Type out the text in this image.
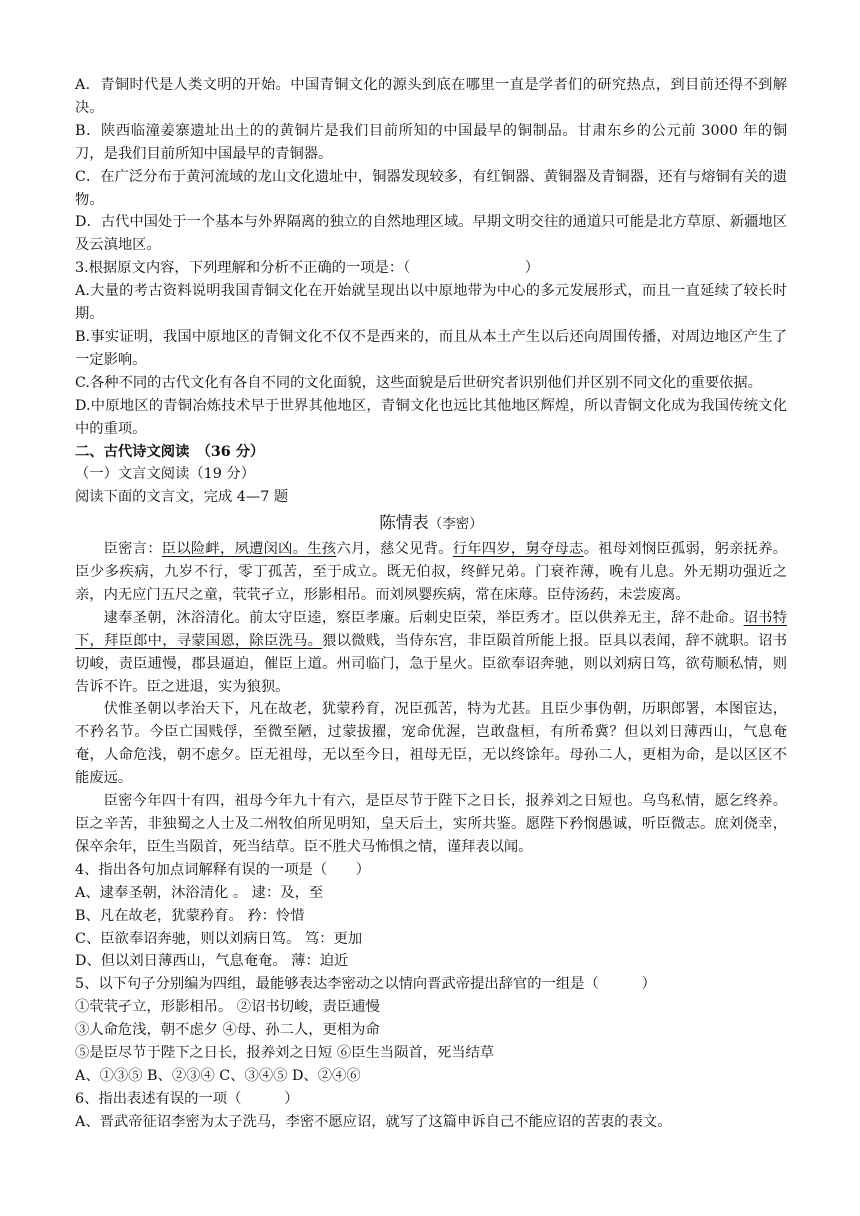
A．青铜时代是人类文明的开始。中国青铜文化的源头到底在哪里一直是学者们的研究热点，到目前还得不到解决。

B．陕西临潼姜寨遗址出土的的黄铜片是我们目前所知的中国最早的铜制品。甘肃东乡的公元前 3000 年的铜刀，是我们目前所知中国最早的青铜器。

C．在广泛分布于黄河流域的龙山文化遗址中，铜器发现较多，有红铜器、黄铜器及青铜器，还有与熔铜有关的遗物。

D．古代中国处于一个基本与外界隔离的独立的自然地理区域。早期文明交往的通道只可能是北方草原、新疆地区及云滇地区。

3.根据原文内容，下列理解和分析不正确的一项是：（　　　　　　　　）

A.大量的考古资料说明我国青铜文化在开始就呈现出以中原地带为中心的多元发展形式，而且一直延续了较长时期。

B.事实证明，我国中原地区的青铜文化不仅不是西来的，而且从本土产生以后还向周围传播，对周边地区产生了一定影响。

C.各种不同的古代文化有各自不同的文化面貌，这些面貌是后世研究者识别他们并区别不同文化的重要依据。

D.中原地区的青铜冶炼技术早于世界其他地区，青铜文化也远比其他地区辉煌，所以青铜文化成为我国传统文化中的重项。

二、古代诗文阅读　（36 分）

（一）文言文阅读（19 分）

阅读下面的文言文，完成 4—7 题

陈情表（李密）

臣密言：臣以险衅，夙遭闵凶。生孩六月，慈父见背。行年四岁，舅夺母志。祖母刘悯臣孤弱，躬亲抚养。臣少多疾病，九岁不行，零丁孤苦，至于成立。既无伯叔，终鲜兄弟。门衰祚薄，晚有儿息。外无期功强近之亲，内无应门五尺之童，茕茕孑立，形影相吊。而刘夙婴疾病，常在床蓐。臣侍汤药，未尝废离。

逮奉圣朝，沐浴清化。前太守臣逵，察臣孝廉。后刺史臣荣，举臣秀才。臣以供养无主，辞不赴命。诏书特下，拜臣郎中，寻蒙国恩，除臣洗马。猥以微贱，当侍东宫，非臣陨首所能上报。臣具以表闻，辞不就职。诏书切峻，责臣逋慢，郡县逼迫，催臣上道。州司临门，急于星火。臣欲奉诏奔驰，则以刘病日笃，欲苟顺私情，则告诉不许。臣之进退，实为狼狈。

伏惟圣朝以孝治天下，凡在故老，犹蒙矜育，况臣孤苦，特为尤甚。且臣少事伪朝，历职郎署，本图宦达，不矜名节。今臣亡国贱俘，至微至陋，过蒙拔擢，宠命优渥，岂敢盘桓，有所希冀？但以刘日薄西山，气息奄奄，人命危浅，朝不虑夕。臣无祖母，无以至今日，祖母无臣，无以终馀年。母孙二人，更相为命，是以区区不能废远。

臣密今年四十有四，祖母今年九十有六，是臣尽节于陛下之日长，报养刘之日短也。乌鸟私情，愿乞终养。臣之辛苦，非独蜀之人士及二州牧伯所见明知，皇天后土，实所共鉴。愿陛下矜悯愚诚，听臣微志。庶刘侥幸，保卒余年，臣生当陨首，死当结草。臣不胜犬马怖惧之情，谨拜表以闻。

4、指出各句加点词解释有误的一项是（　　）

A、逮奉圣朝，沐浴清化 。 逮：及，至

B、凡在故老，犹蒙矜育。 矜：怜惜

C、臣欲奉诏奔驰，则以刘病日笃。 笃：更加

D、但以刘日薄西山，气息奄奄。 薄：迫近

5、以下句子分别编为四组，最能够表达李密动之以情向晋武帝提出辞官的一组是（　　　）

①茕茕孑立，形影相吊。 ②诏书切峻，责臣逋慢

③人命危浅，朝不虑夕 ④母、孙二人，更相为命

⑤是臣尽节于陛下之日长，报养刘之日短 ⑥臣生当陨首，死当结草

A、①③⑤ B、②③④ C、③④⑤ D、②④⑥

6、指出表述有误的一项（　　　）

A、晋武帝征诏李密为太子洗马，李密不愿应诏，就写了这篇申诉自己不能应诏的苦衷的表文。
